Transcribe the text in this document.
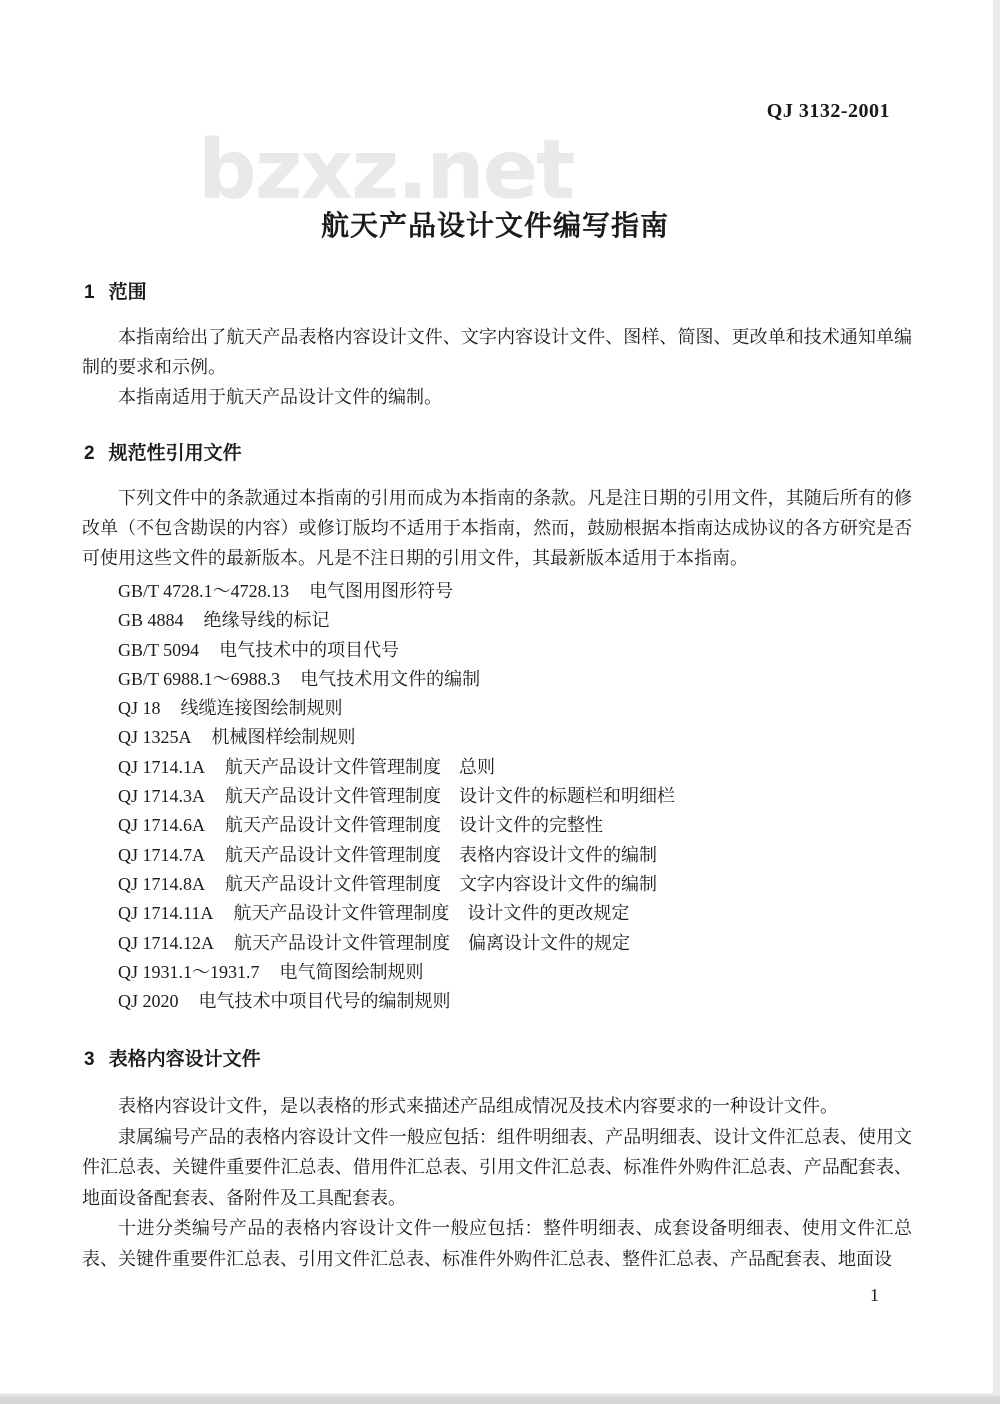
QJ 3132-2001
bzxz.net
航天产品设计文件编写指南
1 范围

本指南给出了航天产品表格内容设计文件、文字内容设计文件、图样、简图、更改单和技术通知单编制的要求和示例。

本指南适用于航天产品设计文件的编制。

2 规范性引用文件

下列文件中的条款通过本指南的引用而成为本指南的条款。凡是注日期的引用文件，其随后所有的修改单（不包含勘误的内容）或修订版均不适用于本指南，然而，鼓励根据本指南达成协议的各方研究是否可使用这些文件的最新版本。凡是不注日期的引用文件，其最新版本适用于本指南。

GB/T 4728.1～4728.13 电气图用图形符号
GB 4884 绝缘导线的标记
GB/T 5094 电气技术中的项目代号
GB/T 6988.1～6988.3 电气技术用文件的编制
QJ 18 线缆连接图绘制规则
QJ 1325A 机械图样绘制规则
QJ 1714.1A 航天产品设计文件管理制度 总则
QJ 1714.3A 航天产品设计文件管理制度 设计文件的标题栏和明细栏
QJ 1714.6A 航天产品设计文件管理制度 设计文件的完整性
QJ 1714.7A 航天产品设计文件管理制度 表格内容设计文件的编制
QJ 1714.8A 航天产品设计文件管理制度 文字内容设计文件的编制
QJ 1714.11A 航天产品设计文件管理制度 设计文件的更改规定
QJ 1714.12A 航天产品设计文件管理制度 偏离设计文件的规定
QJ 1931.1～1931.7 电气简图绘制规则
QJ 2020 电气技术中项目代号的编制规则
3 表格内容设计文件

表格内容设计文件，是以表格的形式来描述产品组成情况及技术内容要求的一种设计文件。

隶属编号产品的表格内容设计文件一般应包括：组件明细表、产品明细表、设计文件汇总表、使用文件汇总表、关键件重要件汇总表、借用件汇总表、引用文件汇总表、标准件外购件汇总表、产品配套表、地面设备配套表、备附件及工具配套表。

十进分类编号产品的表格内容设计文件一般应包括：整件明细表、成套设备明细表、使用文件汇总表、关键件重要件汇总表、引用文件汇总表、标准件外购件汇总表、整件汇总表、产品配套表、地面设

1
